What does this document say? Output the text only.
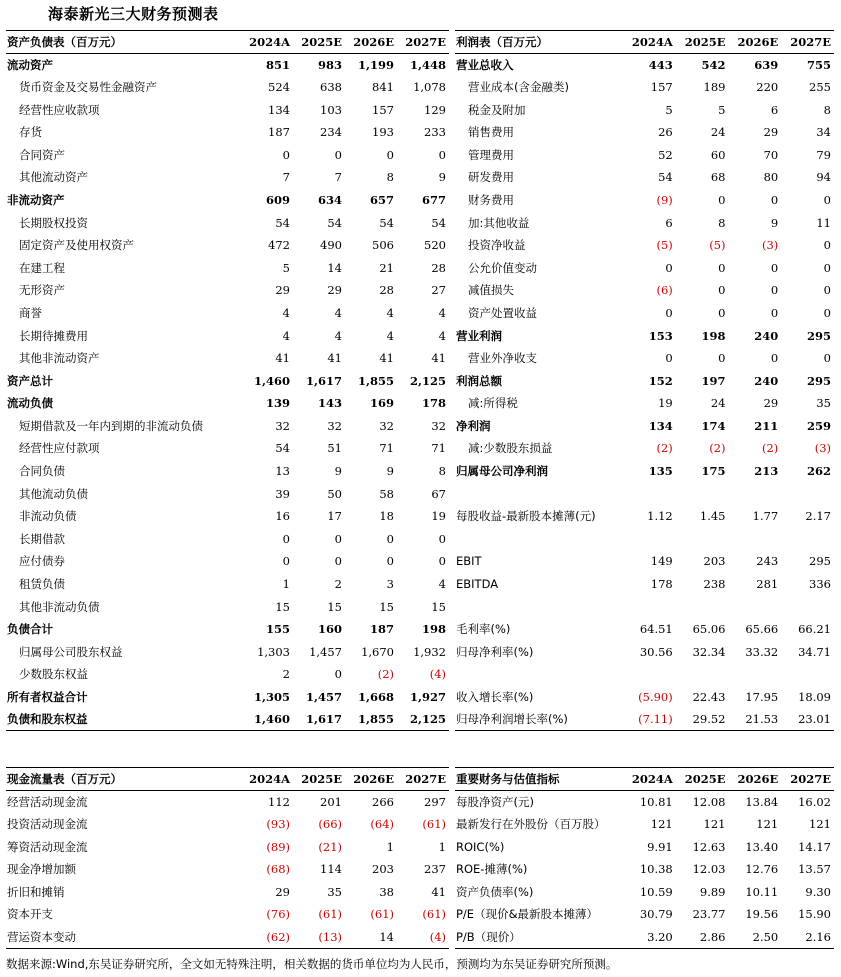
海泰新光三大财务预测表
资产负债表（百万元）	2024A	2025E	2026E	2027E
流动资产	851	983	1,199	1,448
货币资金及交易性金融资产	524	638	841	1,078
经营性应收款项	134	103	157	129
存货	187	234	193	233
合同资产	0	0	0	0
其他流动资产	7	7	8	9
非流动资产	609	634	657	677
长期股权投资	54	54	54	54
固定资产及使用权资产	472	490	506	520
在建工程	5	14	21	28
无形资产	29	29	28	27
商誉	4	4	4	4
长期待摊费用	4	4	4	4
其他非流动资产	41	41	41	41
资产总计	1,460	1,617	1,855	2,125
流动负债	139	143	169	178
短期借款及一年内到期的非流动负债	32	32	32	32
经营性应付款项	54	51	71	71
合同负债	13	9	9	8
其他流动负债	39	50	58	67
非流动负债	16	17	18	19
长期借款	0	0	0	0
应付债券	0	0	0	0
租赁负债	1	2	3	4
其他非流动负债	15	15	15	15
负债合计	155	160	187	198
归属母公司股东权益	1,303	1,457	1,670	1,932
少数股东权益	2	0	(2)	(4)
所有者权益合计	1,305	1,457	1,668	1,927
负债和股东权益	1,460	1,617	1,855	2,125
利润表（百万元）	2024A	2025E	2026E	2027E
营业总收入	443	542	639	755
营业成本(含金融类)	157	189	220	255
税金及附加	5	5	6	8
销售费用	26	24	29	34
管理费用	52	60	70	79
研发费用	54	68	80	94
财务费用	(9)	0	0	0
加:其他收益	6	8	9	11
投资净收益	(5)	(5)	(3)	0
公允价值变动	0	0	0	0
减值损失	(6)	0	0	0
资产处置收益	0	0	0	0
营业利润	153	198	240	295
营业外净收支	0	0	0	0
利润总额	152	197	240	295
减:所得税	19	24	29	35
净利润	134	174	211	259
减:少数股东损益	(2)	(2)	(2)	(3)
归属母公司净利润	135	175	213	262

每股收益-最新股本摊薄(元)	1.12	1.45	1.77	2.17

EBIT	149	203	243	295
EBITDA	178	238	281	336

毛利率(%)	64.51	65.06	65.66	66.21
归母净利率(%)	30.56	32.34	33.32	34.71

收入增长率(%)	(5.90)	22.43	17.95	18.09
归母净利润增长率(%)	(7.11)	29.52	21.53	23.01
现金流量表（百万元）	2024A	2025E	2026E	2027E
经营活动现金流	112	201	266	297
投资活动现金流	(93)	(66)	(64)	(61)
筹资活动现金流	(89)	(21)	1	1
现金净增加额	(68)	114	203	237
折旧和摊销	29	35	38	41
资本开支	(76)	(61)	(61)	(61)
营运资本变动	(62)	(13)	14	(4)
重要财务与估值指标	2024A	2025E	2026E	2027E
每股净资产(元)	10.81	12.08	13.84	16.02
最新发行在外股份（百万股）	121	121	121	121
ROIC(%)	9.91	12.63	13.40	14.17
ROE-摊薄(%)	10.38	12.03	12.76	13.57
资产负债率(%)	10.59	9.89	10.11	9.30
P/E（现价&最新股本摊薄）	30.79	23.77	19.56	15.90
P/B（现价）	3.20	2.86	2.50	2.16
数据来源:Wind,东吴证券研究所，全文如无特殊注明，相关数据的货币单位均为人民币，预测均为东吴证券研究所预测。
